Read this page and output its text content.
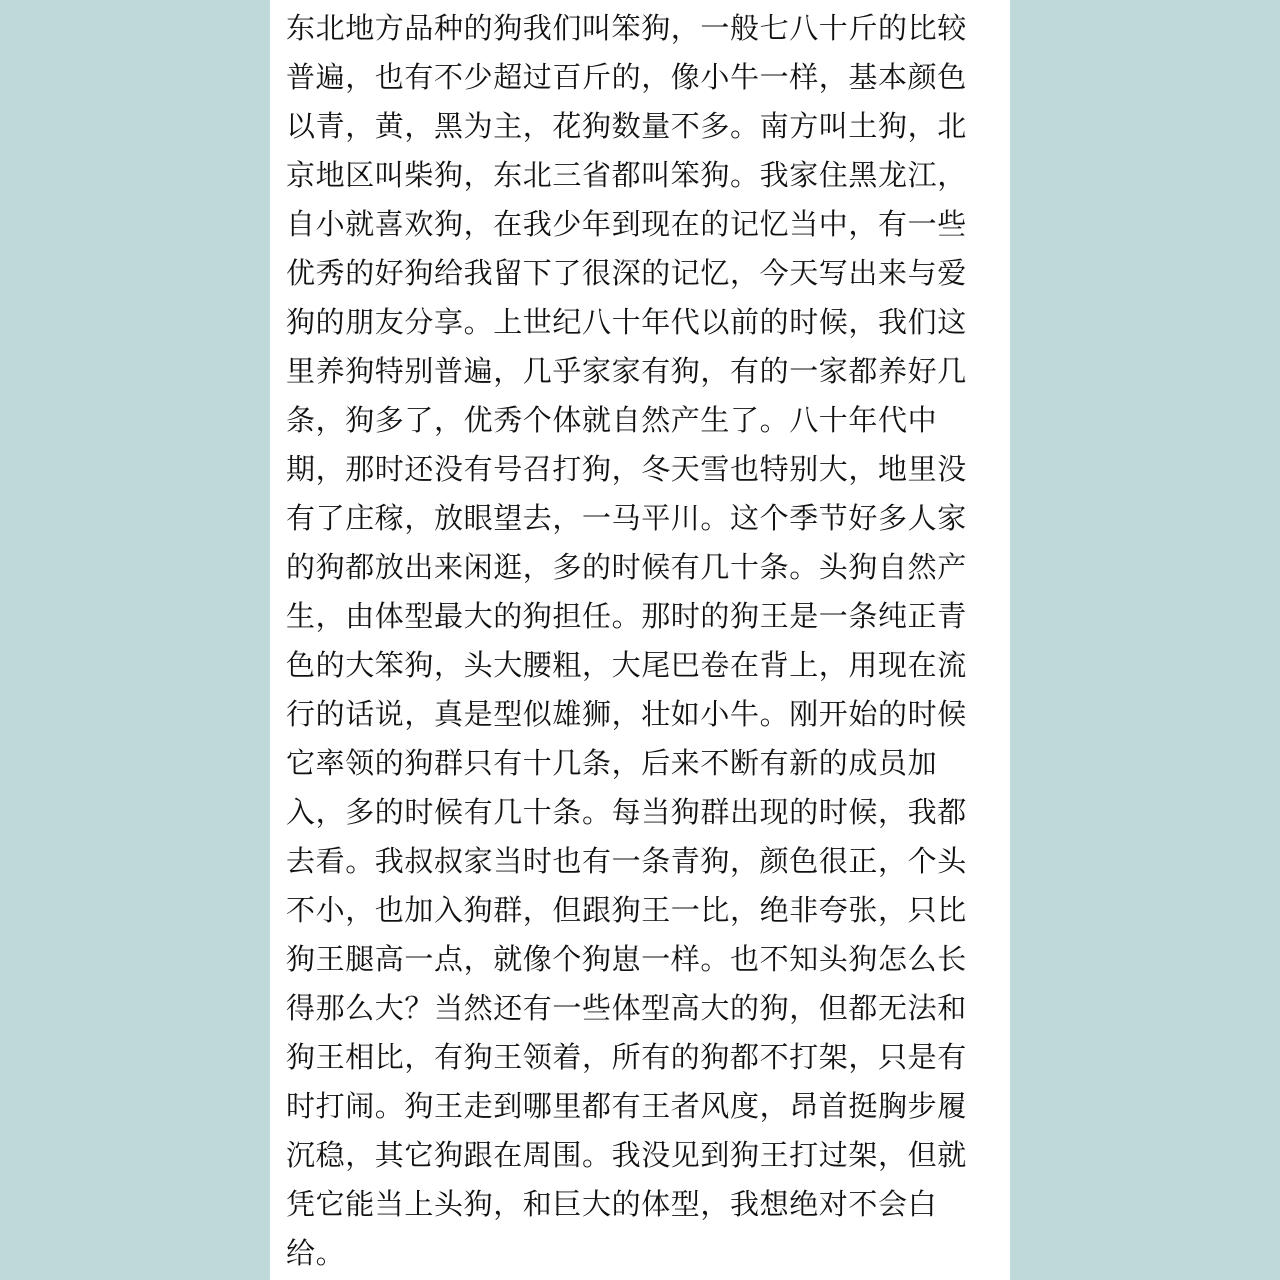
东北地方品种的狗我们叫笨狗，一般七八十斤的比较
普遍，也有不少超过百斤的，像小牛一样，基本颜色
以青，黄，黑为主，花狗数量不多。南方叫土狗，北
京地区叫柴狗，东北三省都叫笨狗。我家住黑龙江，
自小就喜欢狗，在我少年到现在的记忆当中，有一些
优秀的好狗给我留下了很深的记忆，今天写出来与爱
狗的朋友分享。上世纪八十年代以前的时候，我们这
里养狗特别普遍，几乎家家有狗，有的一家都养好几
条，狗多了，优秀个体就自然产生了。八十年代中
期，那时还没有号召打狗，冬天雪也特别大，地里没
有了庄稼，放眼望去，一马平川。这个季节好多人家
的狗都放出来闲逛，多的时候有几十条。头狗自然产
生，由体型最大的狗担任。那时的狗王是一条纯正青
色的大笨狗，头大腰粗，大尾巴卷在背上，用现在流
行的话说，真是型似雄狮，壮如小牛。刚开始的时候
它率领的狗群只有十几条，后来不断有新的成员加
入，多的时候有几十条。每当狗群出现的时候，我都
去看。我叔叔家当时也有一条青狗，颜色很正，个头
不小，也加入狗群，但跟狗王一比，绝非夸张，只比
狗王腿高一点，就像个狗崽一样。也不知头狗怎么长
得那么大？当然还有一些体型高大的狗，但都无法和
狗王相比，有狗王领着，所有的狗都不打架，只是有
时打闹。狗王走到哪里都有王者风度，昂首挺胸步履
沉稳，其它狗跟在周围。我没见到狗王打过架，但就
凭它能当上头狗，和巨大的体型，我想绝对不会白
给。
